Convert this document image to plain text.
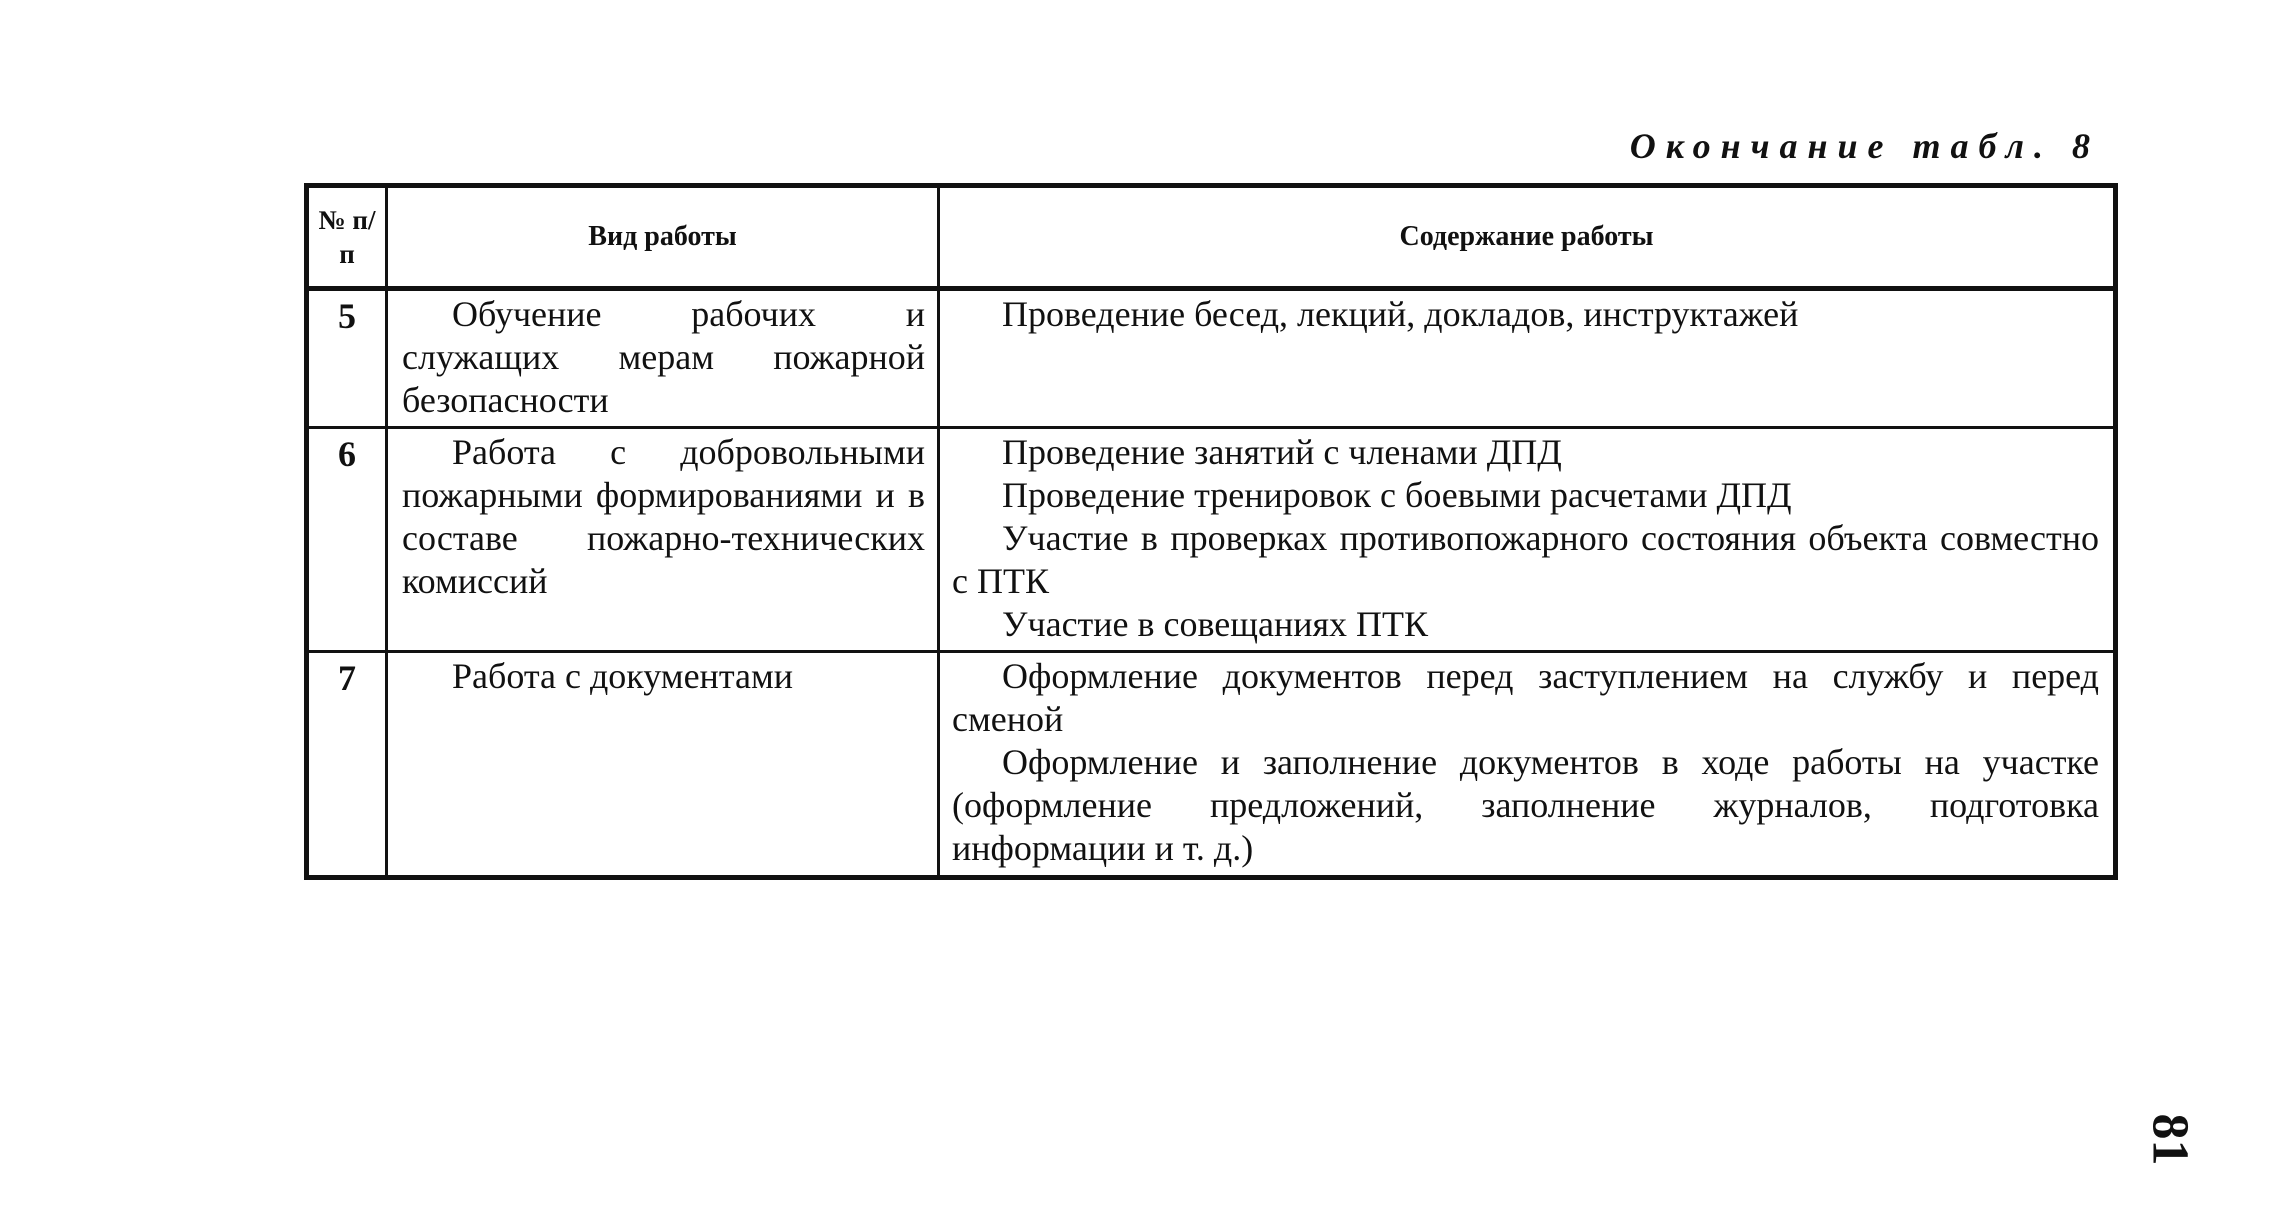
Окончание табл. 8
№ п/п	Вид работы	Содержание работы
5	Обучение рабочих и служащих мерам пожарной безопасности	Проведение бесед, лекций, докладов, инструктажей

6	Работа с добровольными пожарными формированиями и в составе пожарно-технических комиссий	Проведение занятий с членами ДПД

Проведение тренировок с боевыми расчетами ДПД

Участие в проверках противопожарного состояния объекта совместно с ПТК

Участие в совещаниях ПТК

7	Работа с документами	Оформление документов перед заступлением на службу и перед сменой

Оформление и заполнение документов в ходе работы на участке (оформление предложений, заполнение журналов, подготовка информации и т. д.)

81
